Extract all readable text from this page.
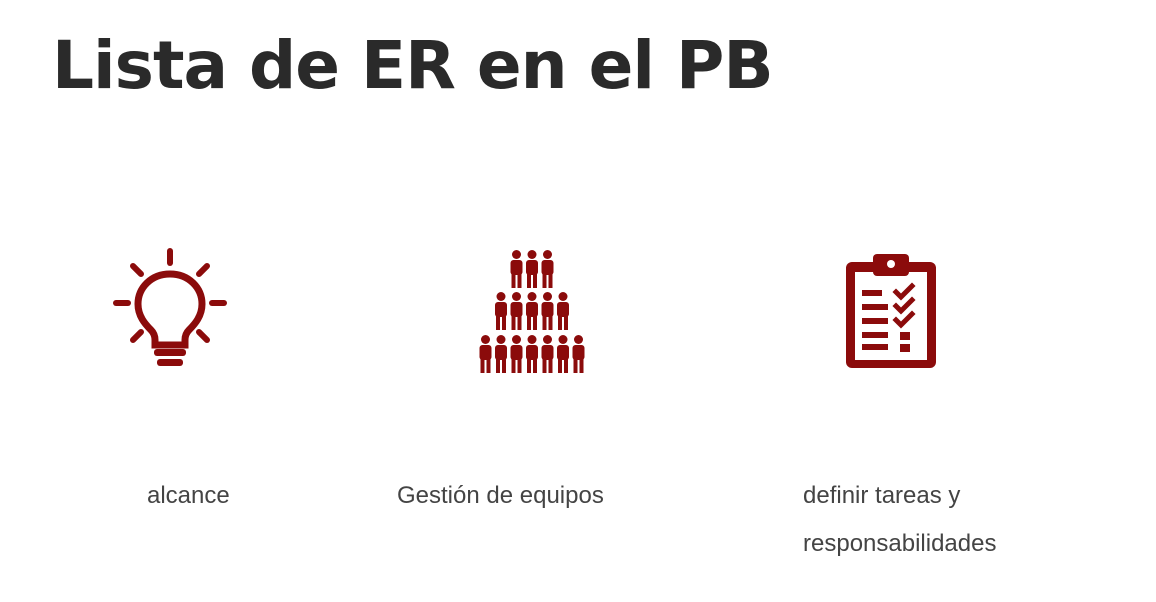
Lista de ER en el PB

alcance	Gestión de equipos	definir tareas y
responsabilidades
